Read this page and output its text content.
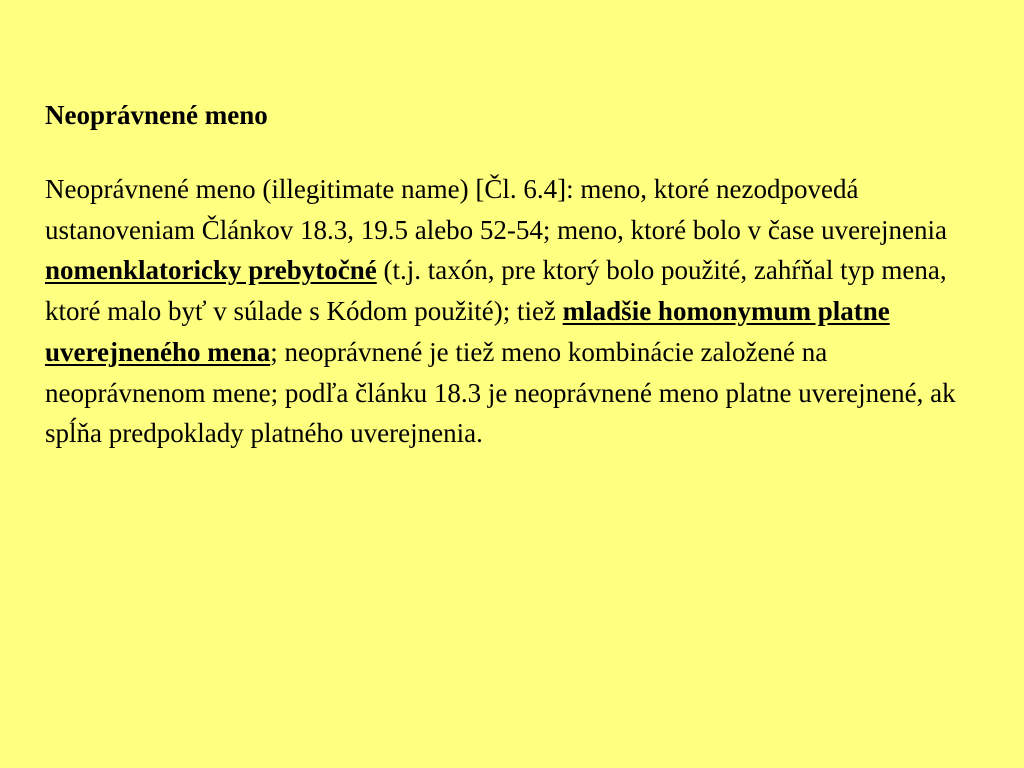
Neoprávnené meno

Neoprávnené meno (illegitimate name) [Čl. 6.4]: meno, ktoré nezodpovedá ustanoveniam Článkov 18.3, 19.5 alebo 52-54; meno, ktoré bolo v čase uverejnenia nomenklatoricky prebytočné (t.j. taxón, pre ktorý bolo použité, zahŕňal typ mena, ktoré malo byť v súlade s Kódom použité); tiež mladšie homonymum platne uverejneného mena; neoprávnené je tiež meno kombinácie založené na neoprávnenom mene; podľa článku 18.3 je neoprávnené meno platne uverejnené, ak spĺňa predpoklady platného uverejnenia.
